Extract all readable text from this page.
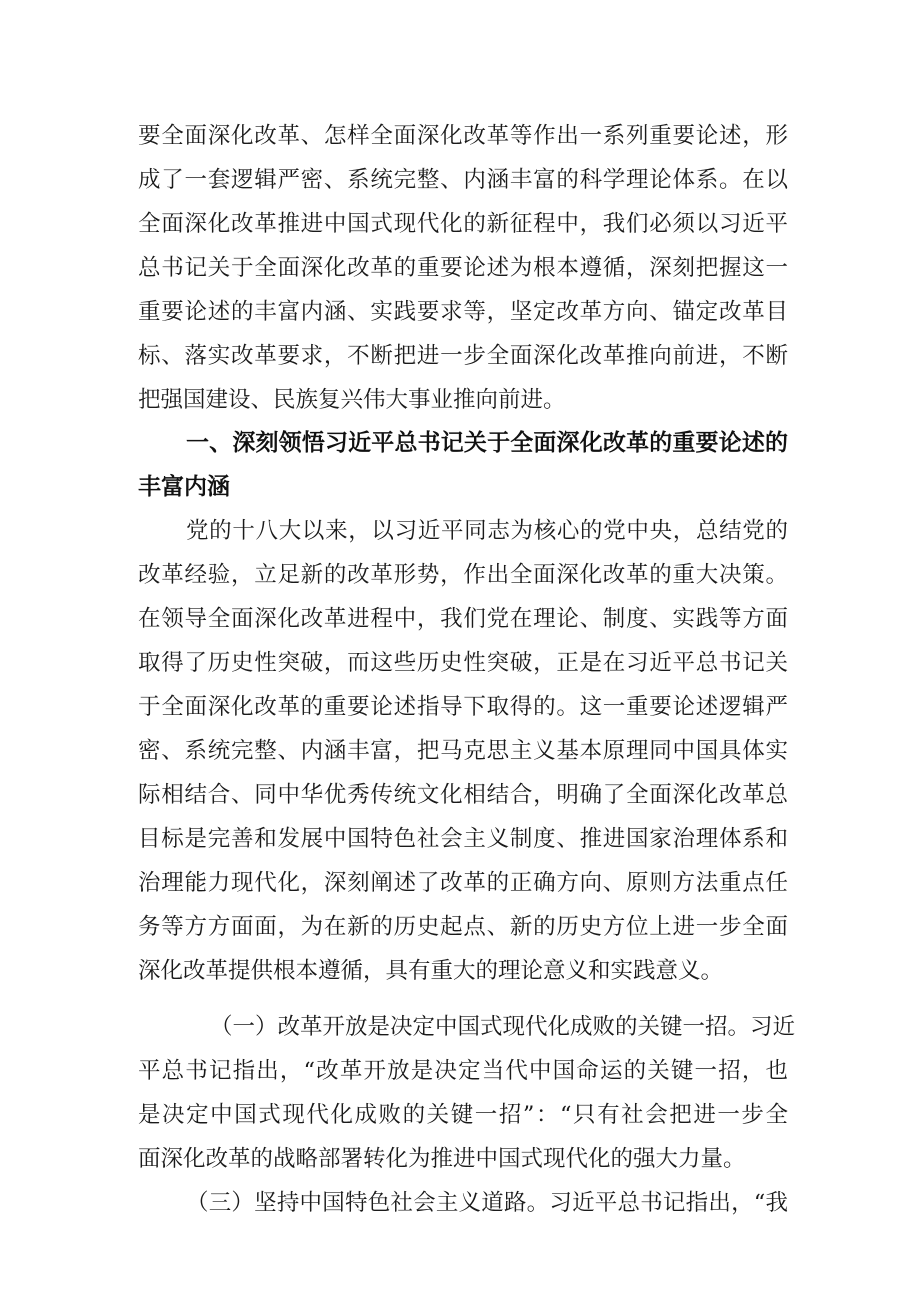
要全面深化改革、怎样全面深化改革等作出一系列重要论述，形
成了一套逻辑严密、系统完整、内涵丰富的科学理论体系。在以
全面深化改革推进中国式现代化的新征程中，我们必须以习近平
总书记关于全面深化改革的重要论述为根本遵循，深刻把握这一
重要论述的丰富内涵、实践要求等，坚定改革方向、锚定改革目
标、落实改革要求，不断把进一步全面深化改革推向前进，不断
把强国建设、民族复兴伟大事业推向前进。
一、深刻领悟习近平总书记关于全面深化改革的重要论述的
丰富内涵
党的十八大以来，以习近平同志为核心的党中央，总结党的
改革经验，立足新的改革形势，作出全面深化改革的重大决策。
在领导全面深化改革进程中，我们党在理论、制度、实践等方面
取得了历史性突破，而这些历史性突破，正是在习近平总书记关
于全面深化改革的重要论述指导下取得的。这一重要论述逻辑严
密、系统完整、内涵丰富，把马克思主义基本原理同中国具体实
际相结合、同中华优秀传统文化相结合，明确了全面深化改革总
目标是完善和发展中国特色社会主义制度、推进国家治理体系和
治理能力现代化，深刻阐述了改革的正确方向、原则方法重点任
务等方方面面，为在新的历史起点、新的历史方位上进一步全面
深化改革提供根本遵循，具有重大的理论意义和实践意义。
（一）改革开放是决定中国式现代化成败的关键一招。习近
平总书记指出，“改革开放是决定当代中国命运的关键一招，也
是决定中国式现代化成败的关键一招”：“只有社会把进一步全
面深化改革的战略部署转化为推进中国式现代化的强大力量。
（三）坚持中国特色社会主义道路。习近平总书记指出，“我
